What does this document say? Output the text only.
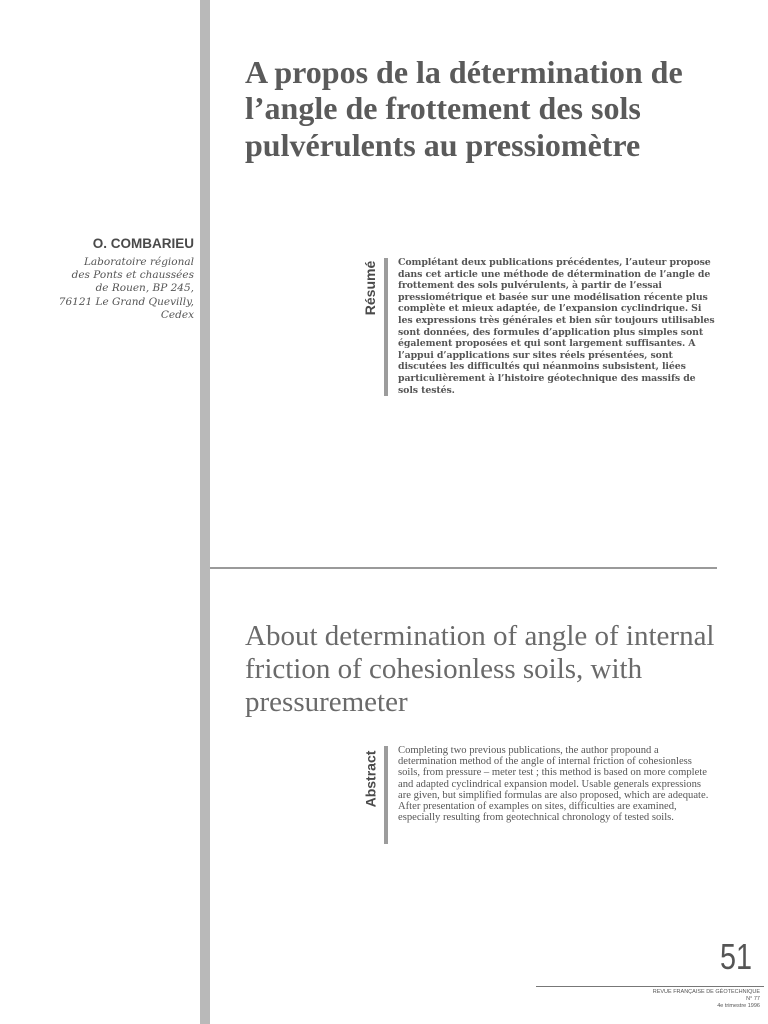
A propos de la détermination de l’angle de frottement des sols pulvérulents au pressiomètre
O. COMBARIEU
Laboratoire régional
des Ponts et chaussées
de Rouen, BP 245,
76121 Le Grand Quevilly,
Cedex	Résumé Complétant deux publications précédentes, l’auteur propose dans cet article une méthode de détermination de l’angle de frottement des sols pulvérulents, à partir de l’essai pressiométrique et basée sur une modélisation récente plus complète et mieux adaptée, de l’expansion cyclindrique. Si les expressions très générales et bien sûr toujours utilisables sont données, des formules d’application plus simples sont également proposées et qui sont largement suffisantes. A l’appui d’applications sur sites réels présentées, sont discutées les difficultés qui néanmoins subsistent, liées particulièrement à l’histoire géotechnique des massifs de sols testés.

About determination of angle of internal friction of cohesionless soils, with pressuremeter
Abstract

Completing two previous publications, the author propound a determination method of the angle of internal friction of cohesionless soils, from pressure – meter test ; this method is based on more complete and adapted cyclindrical expansion model. Usable generals expressions are given, but simplified formulas are also proposed, which are adequate. After presentation of examples on sites, difficulties are examined, especially resulting from geotechnical chronology of tested soils.

51
REVUE FRANÇAISE DE GÉOTECHNIQUE
N° 77
4e trimestre 1996
